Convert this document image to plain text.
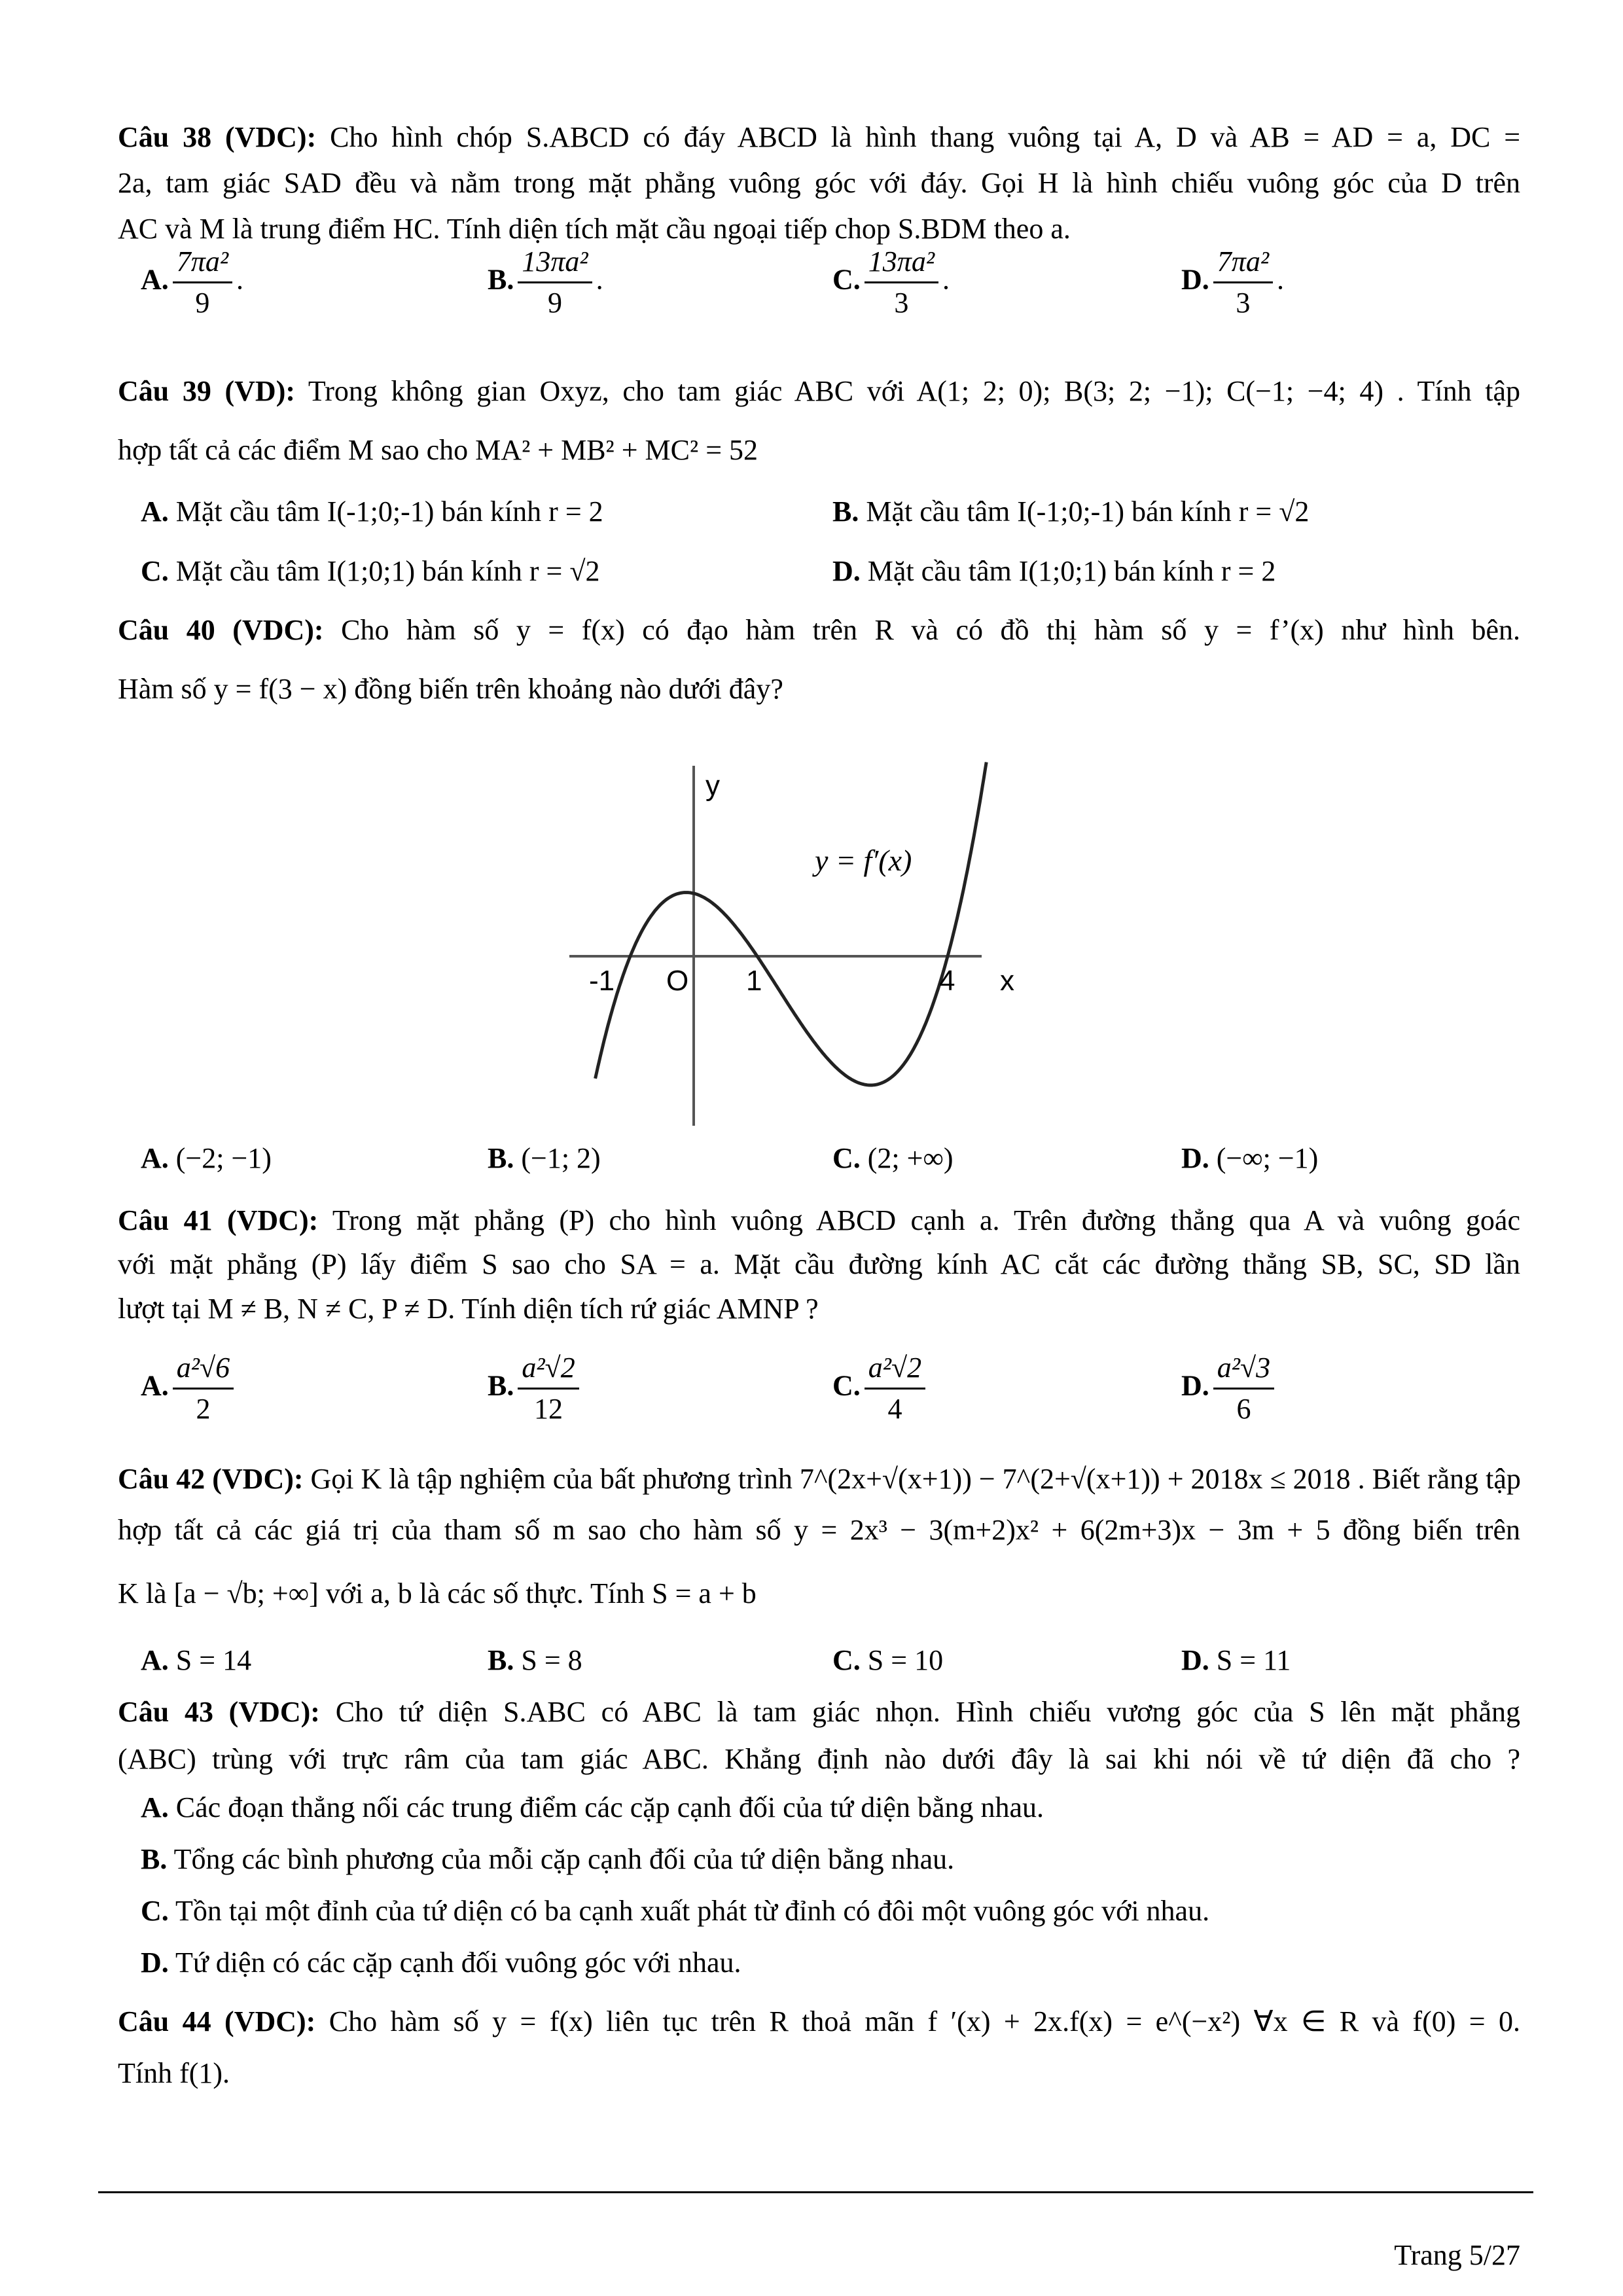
Câu 38 (VDC): Cho hình chóp S.ABCD có đáy ABCD là hình thang vuông tại A, D và AB = AD = a, DC =
2a, tam giác SAD đều và nằm trong mặt phẳng vuông góc với đáy. Gọi H là hình chiếu vuông góc của D trên
AC và M là trung điểm HC. Tính diện tích mặt cầu ngoại tiếp chop S.BDM theo a.
A. $\frac{\text{7πa²}}{9}$ .	B. $\frac{\text{13πa²}}{9}$ .	C. $\frac{\text{13πa²}}{3}$ .	D. $\frac{\text{7πa²}}{3}$ .
Câu 39 (VD): Trong không gian Oxyz, cho tam giác ABC với A(1; 2; 0); B(3; 2; −1); C(−1; −4; 4) . Tính tập
hợp tất cả các điểm M sao cho MA² + MB² + MC² = 52
A. Mặt cầu tâm I(-1;0;-1) bán kính r = 2	B. Mặt cầu tâm I(-1;0;-1) bán kính r = √2
C. Mặt cầu tâm I(1;0;1) bán kính r = √2	D. Mặt cầu tâm I(1;0;1) bán kính r = 2
Câu 40 (VDC): Cho hàm số y = f(x) có đạo hàm trên R và có đồ thị hàm số y = f’(x) như hình bên.
Hàm số y = f(3 − x) đồng biến trên khoảng nào dưới đây?
y
x
O
-1	1	4
y = f′(x)
A. (−2; −1)	B. (−1; 2)	C. (2; +∞)	D. (−∞; −1)
Câu 41 (VDC): Trong mặt phẳng (P) cho hình vuông ABCD cạnh a. Trên đường thẳng qua A và vuông goác
với mặt phẳng (P) lấy điểm S sao cho SA = a. Mặt cầu đường kính AC cắt các đường thẳng SB, SC, SD lần
lượt tại M ≠ B, N ≠ C, P ≠ D. Tính diện tích rứ giác AMNP ?
A. $\frac{\text{a²√6}}{2}$	B. $\frac{\text{a²√2}}{12}$	C. $\frac{\text{a²√2}}{4}$	D. $\frac{\text{a²√3}}{6}$
Câu 42 (VDC): Gọi K là tập nghiệm của bất phương trình 7^(2x+√(x+1)) − 7^(2+√(x+1)) + 2018x ≤ 2018 . Biết rằng tập
hợp tất cả các giá trị của tham số m sao cho hàm số y = 2x³ − 3(m+2)x² + 6(2m+3)x − 3m + 5 đồng biến trên
K là [a − √b; +∞] với a, b là các số thực. Tính S = a + b
A. S = 14	B. S = 8	C. S = 10	D. S = 11
Câu 43 (VDC): Cho tứ diện S.ABC có ABC là tam giác nhọn. Hình chiếu vương góc của S lên mặt phẳng
(ABC) trùng với trực râm của tam giác ABC. Khẳng định nào dưới đây là sai khi nói về tứ diện đã cho ?
A. Các đoạn thẳng nối các trung điểm các cặp cạnh đối của tứ diện bằng nhau.
B. Tổng các bình phương của mỗi cặp cạnh đối của tứ diện bằng nhau.
C. Tồn tại một đỉnh của tứ diện có ba cạnh xuất phát từ đỉnh có đôi một vuông góc với nhau.
D. Tứ diện có các cặp cạnh đối vuông góc với nhau.
Câu 44 (VDC): Cho hàm số y = f(x) liên tục trên R thoả mãn f ′(x) + 2x.f(x) = e^(−x²) ∀x ∈ R và f(0) = 0.
Tính f(1).
Trang 5/27
